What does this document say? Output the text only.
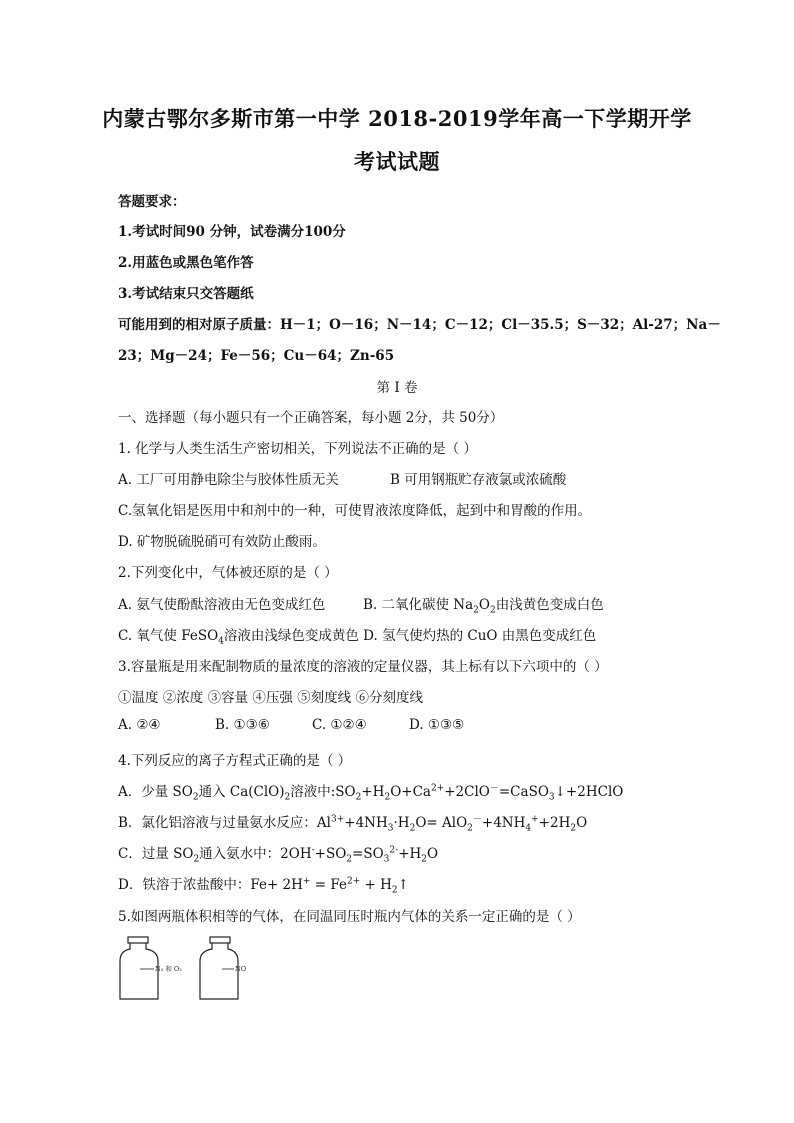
内蒙古鄂尔多斯市第一中学 2018-2019学年高一下学期开学
考试试题
答题要求：
1.考试时间90 分钟，试卷满分100分
2.用蓝色或黑色笔作答
3.考试结束只交答题纸
可能用到的相对原子质量：H－1；O－16；N－14；C－12；Cl－35.5；S－32；Al-27；Na－
23；Mg－24；Fe－56；Cu－64；Zn-65
第 Ⅰ 卷
一、选择题（每小题只有一个正确答案，每小题 2分，共 50分）
1. 化学与人类生活生产密切相关，下列说法不正确的是（ ）
A. 工厂可用静电除尘与胶体性质无关	B 可用钢瓶贮存液氯或浓硫酸
C.氢氧化铝是医用中和剂中的一种，可使胃液浓度降低，起到中和胃酸的作用。
D. 矿物脱硫脱硝可有效防止酸雨。
2.下列变化中，气体被还原的是（ ）
A. 氨气使酚酞溶液由无色变成红色	B. 二氧化碳使 $Na_2O_2$由浅黄色变成白色
C. 氧气使 FeSO$_4$溶液由浅绿色变成黄色 D. 氢气使灼热的 CuO 由黑色变成红色
3.容量瓶是用来配制物质的量浓度的溶液的定量仪器，其上标有以下六项中的（ ）
①温度 ②浓度 ③容量 ④压强 ⑤刻度线 ⑥分刻度线
A. ②④	B. ①③⑥	C. ①②④	D. ①③⑤
4.下列反应的离子方程式正确的是（ ）
A．少量 $SO_2$通入 $Ca(ClO)_2$溶液中$:SO_2+H_2O+Ca^{2+}+2ClO^-=CaSO_3↓+2HClO$
B．氯化铝溶液与过量氨水反应：$Al^{3+}+4NH_3\cdot H_2O= AlO_2^-+4NH_4^++2H_2O$
C．过量 $SO_2$通入氨水中：$2OH^-+SO_2=SO_3^{2-}+H_2O$
D．铁溶于浓盐酸中：$Fe+ 2H^+ = Fe^{2+}$ + $H_2↑$
5.如图两瓶体积相等的气体，在同温同压时瓶内气体的关系一定正确的是（ ）
N₂ 和 O₂	NO
